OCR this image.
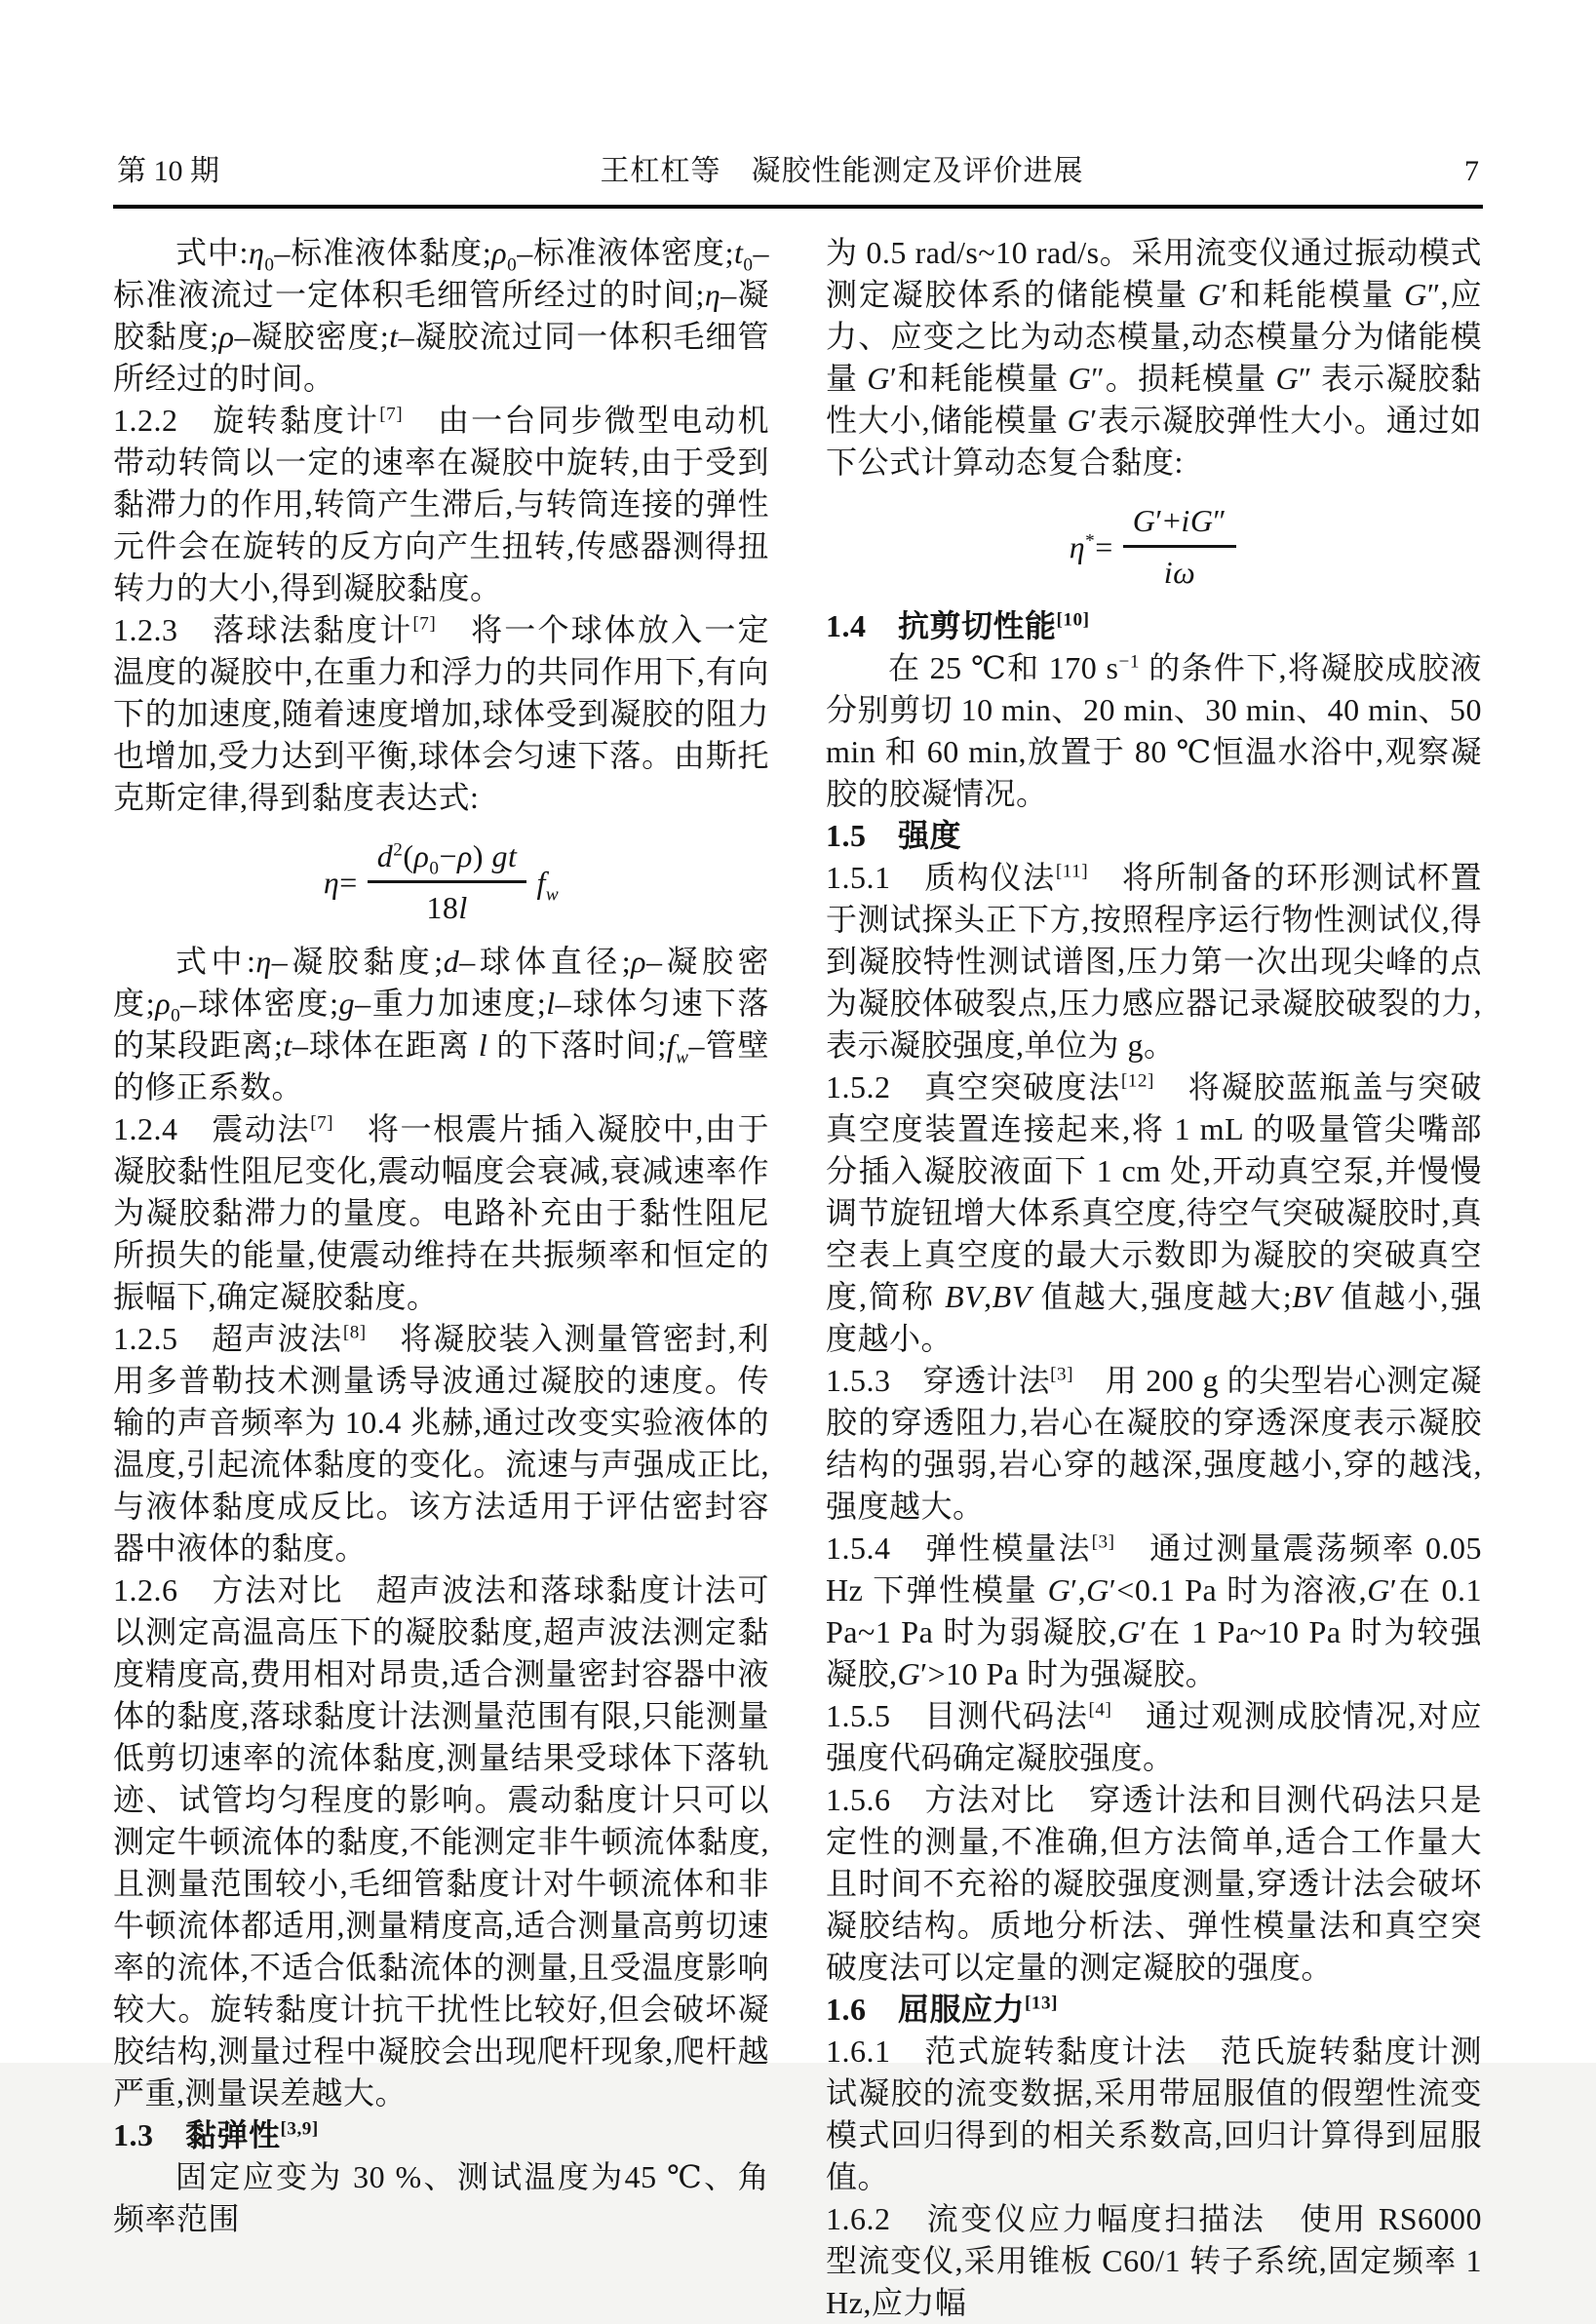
第 10 期	王杠杠等　凝胶性能测定及评价进展	7

式中$:\eta_0-$标准液体黏度$;\rho_0-$标准液体密度$;t_0-$标准液流过一定体积毛细管所经过的时间;η–凝胶黏度;ρ–凝胶密度;t–凝胶流过同一体积毛细管所经过的时间。

1.2.2　旋转黏度计[7]　由一台同步微型电动机带动转筒以一定的速率在凝胶中旋转,由于受到黏滞力的作用,转筒产生滞后,与转筒连接的弹性元件会在旋转的反方向产生扭转,传感器测得扭转力的大小,得到凝胶黏度。

1.2.3　落球法黏度计[7]　将一个球体放入一定温度的凝胶中,在重力和浮力的共同作用下,有向下的加速度,随着速度增加,球体受到凝胶的阻力也增加,受力达到平衡,球体会匀速下落。由斯托克斯定律,得到黏度表达式:

$\eta= \frac{d^2(\rho_0-\rho) gt}{18l} f_w$

式中:η–凝胶黏度;d–球体直径;ρ–凝胶密度$;\rho_0-$球体密度;g–重力加速度;l–球体匀速下落的某段距离;t–球体在距离 l 的下落时间$;f_w-$管壁的修正系数。

1.2.4　震动法[7]　将一根震片插入凝胶中,由于凝胶黏性阻尼变化,震动幅度会衰减,衰减速率作为凝胶黏滞力的量度。电路补充由于黏性阻尼所损失的能量,使震动维持在共振频率和恒定的振幅下,确定凝胶黏度。

1.2.5　超声波法[8]　将凝胶装入测量管密封,利用多普勒技术测量诱导波通过凝胶的速度。传输的声音频率为 10.4 兆赫,通过改变实验液体的温度,引起流体黏度的变化。流速与声强成正比,与液体黏度成反比。该方法适用于评估密封容器中液体的黏度。

1.2.6　方法对比　超声波法和落球黏度计法可以测定高温高压下的凝胶黏度,超声波法测定黏度精度高,费用相对昂贵,适合测量密封容器中液体的黏度,落球黏度计法测量范围有限,只能测量低剪切速率的流体黏度,测量结果受球体下落轨迹、试管均匀程度的影响。震动黏度计只可以测定牛顿流体的黏度,不能测定非牛顿流体黏度,且测量范围较小,毛细管黏度计对牛顿流体和非牛顿流体都适用,测量精度高,适合测量高剪切速率的流体,不适合低黏流体的测量,且受温度影响较大。旋转黏度计抗干扰性比较好,但会破坏凝胶结构,测量过程中凝胶会出现爬杆现象,爬杆越严重,测量误差越大。

1.3　黏弹性[3,9]

固定应变为 30 %、测试温度为45 ℃、角频率范围

为 0.5 rad/s~10 rad/s。采用流变仪通过振动模式测定凝胶体系的储能模量 G′和耗能模量 G″,应力、应变之比为动态模量,动态模量分为储能模量 G′和耗能模量 G″。损耗模量 G″ 表示凝胶黏性大小,储能模量 G′表示凝胶弹性大小。通过如下公式计算动态复合黏度:

$\eta^*= \frac{G'+iG''}{i\omega}$

1.4　抗剪切性能[10]

在 25 ℃和 170 $s^{-1}$ 的条件下,将凝胶成胶液分别剪切 10 min、20 min、30 min、40 min、50 min 和 60 min,放置于 80 ℃恒温水浴中,观察凝胶的胶凝情况。

1.5　强度

1.5.1　质构仪法[11]　将所制备的环形测试杯置于测试探头正下方,按照程序运行物性测试仪,得到凝胶特性测试谱图,压力第一次出现尖峰的点为凝胶体破裂点,压力感应器记录凝胶破裂的力,表示凝胶强度,单位为 g。

1.5.2　真空突破度法[12]　将凝胶蓝瓶盖与突破真空度装置连接起来,将 1 mL 的吸量管尖嘴部分插入凝胶液面下 1 cm 处,开动真空泵,并慢慢调节旋钮增大体系真空度,待空气突破凝胶时,真空表上真空度的最大示数即为凝胶的突破真空度,简称 BV,BV 值越大,强度越大;BV 值越小,强度越小。

1.5.3　穿透计法[3]　用 200 g 的尖型岩心测定凝胶的穿透阻力,岩心在凝胶的穿透深度表示凝胶结构的强弱,岩心穿的越深,强度越小,穿的越浅,强度越大。

1.5.4　弹性模量法[3]　通过测量震荡频率 0.05 Hz 下弹性模量 G′,G′<0.1 Pa 时为溶液,G′在 0.1 Pa~1 Pa 时为弱凝胶,G′在 1 Pa~10 Pa 时为较强凝胶,G′>10 Pa 时为强凝胶。

1.5.5　目测代码法[4]　通过观测成胶情况,对应强度代码确定凝胶强度。

1.5.6　方法对比　穿透计法和目测代码法只是定性的测量,不准确,但方法简单,适合工作量大且时间不充裕的凝胶强度测量,穿透计法会破坏凝胶结构。质地分析法、弹性模量法和真空突破度法可以定量的测定凝胶的强度。

1.6　屈服应力[13]

1.6.1　范式旋转黏度计法　范氏旋转黏度计测试凝胶的流变数据,采用带屈服值的假塑性流变模式回归得到的相关系数高,回归计算得到屈服值。

1.6.2　流变仪应力幅度扫描法　使用 RS6000 型流变仪,采用锥板 C60/1 转子系统,固定频率 1 Hz,应力幅
